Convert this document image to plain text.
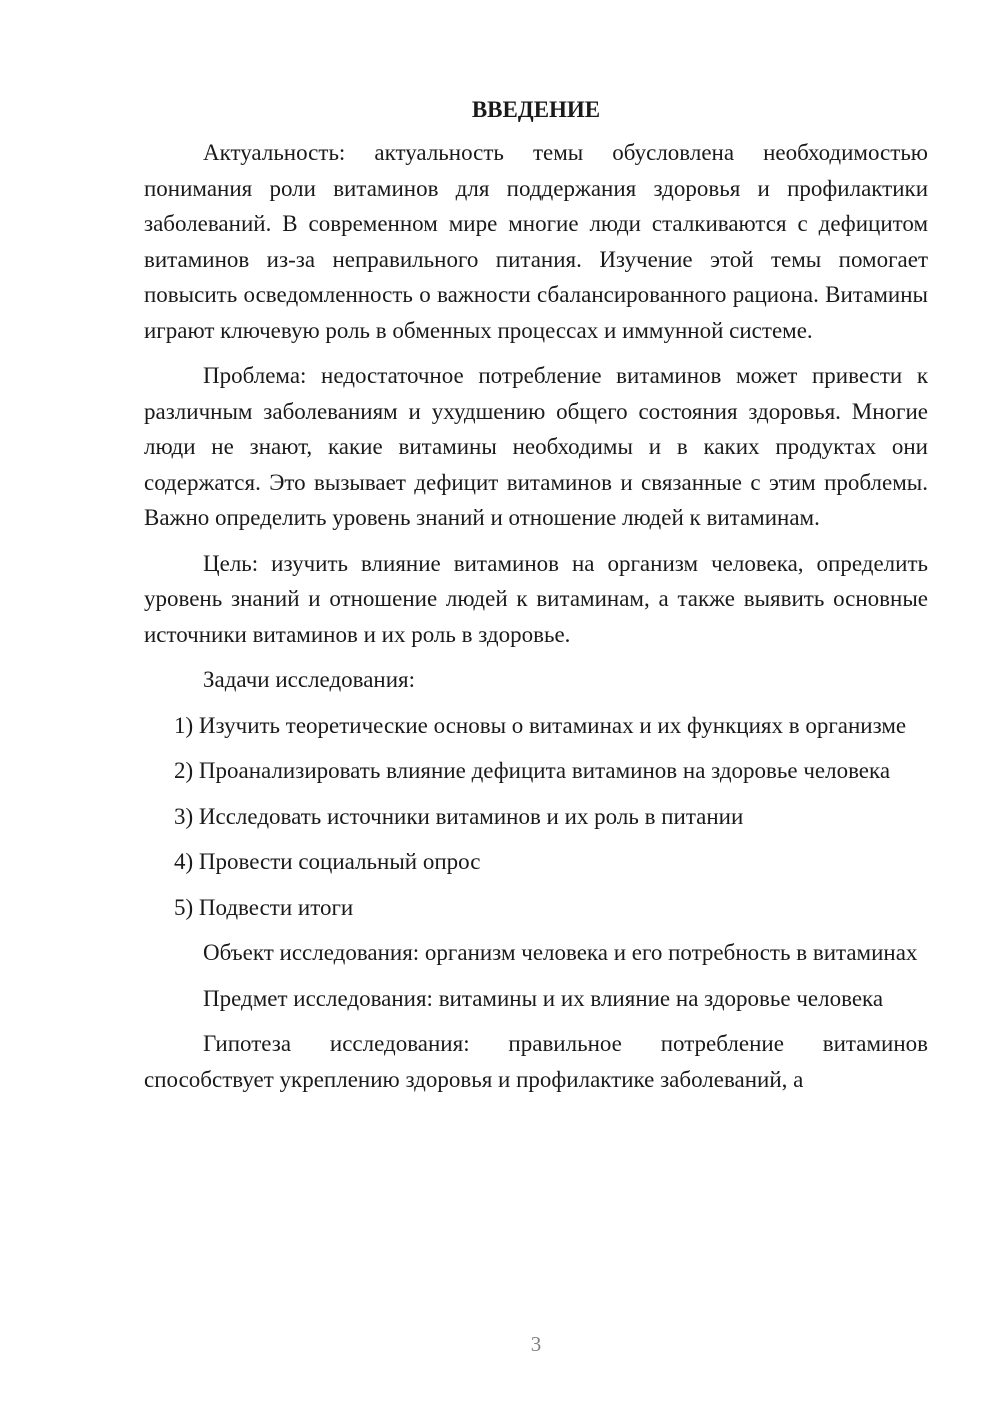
ВВЕДЕНИЕ

Актуальность: актуальность темы обусловлена необходимостью понимания роли витаминов для поддержания здоровья и профилактики заболеваний. В современном мире многие люди сталкиваются с дефицитом витаминов из-за неправильного питания. Изучение этой темы помогает повысить осведомленность о важности сбалансированного рациона. Витамины играют ключевую роль в обменных процессах и иммунной системе.

Проблема: недостаточное потребление витаминов может привести к различным заболеваниям и ухудшению общего состояния здоровья. Многие люди не знают, какие витамины необходимы и в каких продуктах они содержатся. Это вызывает дефицит витаминов и связанные с этим проблемы. Важно определить уровень знаний и отношение людей к витаминам.

Цель: изучить влияние витаминов на организм человека, определить уровень знаний и отношение людей к витаминам, а также выявить основные источники витаминов и их роль в здоровье.

Задачи исследования:

1) Изучить теоретические основы о витаминах и их функциях в организме

2) Проанализировать влияние дефицита витаминов на здоровье человека

3) Исследовать источники витаминов и их роль в питании

4) Провести социальный опрос

5) Подвести итоги

Объект исследования: организм человека и его потребность в витаминах

Предмет исследования: витамины и их влияние на здоровье человека

Гипотеза исследования: правильное потребление витаминов способствует укреплению здоровья и профилактике заболеваний, а

3
